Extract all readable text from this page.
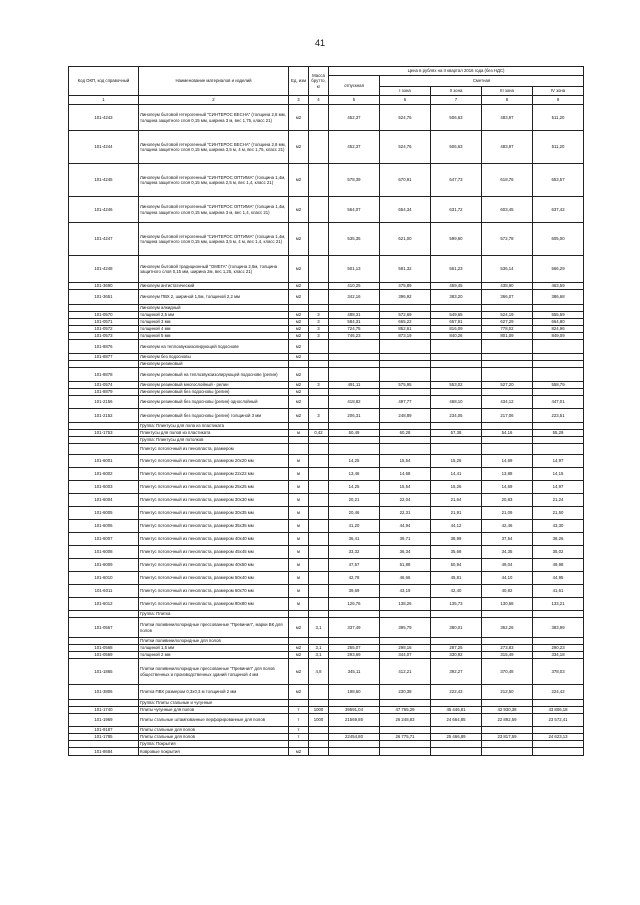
41
Код ОКП, код справочный	Наименование материалов и изделий	Ед. изм	Масса брутто, кг	Цена в рублях на II квартал 2016 года (без НДС)				
				отпускная	Сметная			
					I зона	II зона	III зона	IV зона
1	2	3	4	5	6	7	8	9
101-4243	Линолеум бытовой гетерогенный "СИНТЕРОС ВЕСНА" (толщина 2,8 мм, толщина защитного слоя 0,15 мм, ширина 3 м, вес 1,75, класс 21)	м2		452,37	524,76	506,63	483,97	511,20
101-4244	Линолеум бытовой гетерогенный "СИНТЕРОС ВЕСНА" (толщина 2,8 мм, толщина защитного слоя 0,15 мм, ширина 3,5 м, 4 м, вес 1,75, класс 21)	м2		452,37	524,76	506,63	483,97	511,20
101-4245	Линолеум бытовой гетерогенный "СИНТЕРОС ОПТИМА" (толщина 1,4м, толщина защитного слоя 0,15 мм, ширина 2,5 м, вес 1,4, класс 21)	м2		578,39	670,91	647,73	618,76	653,57
101-4246	Линолеум бытовой гетерогенный "СИНТЕРОС ОПТИМА" (толщина 1,4м, толщина защитного слоя 0,15 мм, ширина 3 м, вес 1,4, класс 21)	м2		564,07	654,34	631,72	603,45	637,42
101-4247	Линолеум бытовой гетерогенный "СИНТЕРОС ОПТИМА" (толщина 1,4м, толщина защитного слоя 0,15 мм, ширина 3,5 м, 4 м, вес 1,4, класс 21)	м2		535,35	621,00	599,60	572,78	605,00
101-4248	Линолеум бытовой традиционный "ОМЕГА" (толщина 2,8м, толщина защитного слоя 0,15 мм, ширина 2м, вес 1,25, класс 21)	м2		501,13	581,32	561,23	536,14	566,29
101-3690	Линолеум антистатический	м2		410,25	475,89	459,45	438,90	463,59
101-3651	Линолеум ПВХ 2, шириной 1,5м, толщиной 2,2 мм	м2		342,16	396,92	383,20	366,07	386,68
	Линолеум алкидный							
101-0570	толщиной 2,5 мм	м2	3	488,31	572,69	549,65	524,19	555,59
101-0571	толщиной 3 мм	м2	3	584,31	665,22	657,91	627,29	664,80
101-0572	толщиной 4 мм	м2	3	724,75	852,61	816,09	778,02	824,96
101-0573	толщиной 5 мм	м2	3	746,23	873,19	840,26	801,09	849,09
101-8876	Линолеум на теплозвукоизолирующей подоснове	м2						
101-8877	Линолеум без подосновы	м2						
	Линолеум резиновый							
101-8878	Линолеум резиновый на теплозвукоизолирующей подоснове (релин)	м2						
101-0574	Линолеум резиновый многослойный - релин	м2	3	491,11	575,95	553,02	527,20	558,79
101-8879	Линолеум резиновый без подосновы (релин)	м2						
101-2156	Линолеум резиновый без подосновы (релин) однослойный	м2		418,82	497,77	468,10	434,12	447,01
101-2152	Линолеум резиновый без подосновы (релин) толщиной 3 мм	м2	3	206,31	248,89	234,05	217,06	223,51
	Группа: Плинтусы для пола из пластиката							
101-1753	Плинтусы для полов из пластиката	м	0,42	50,49	60,28	57,38	54,16	55,29
	Группа: Плинтусы для потолков							
	Плинтус потолочный из пенопласта, размером							
101-6001	Плинтус потолочный из пенопласта, размером 20х20 мм	м		14,25	15,54	15,26	14,69	14,97
101-6002	Плинтус потолочный из пенопласта, размером 22х22 мм	м		13,46	14,68	14,41	13,88	14,15
101-6003	Плинтус потолочный из пенопласта, размером 25х25 мм	м		14,25	15,54	15,26	14,69	14,97
101-6004	Плинтус потолочный из пенопласта, размером 30х30 мм	м		20,21	22,04	21,64	20,83	21,24
101-6005	Плинтус потолочный из пенопласта, размером 30х35 мм	м		20,46	22,31	21,91	21,09	21,50
101-6006	Плинтус потолочный из пенопласта, размером 35х35 мм	м		41,20	44,94	44,12	42,46	43,30
101-6007	Плинтус потолочный из пенопласта, размером 40х40 мм	м		36,41	39,71	38,99	37,54	38,26
101-6008	Плинтус потолочный из пенопласта, размером 45х45 мм	м		33,32	36,34	35,68	34,35	35,02
101-6009	Плинтус потолочный из пенопласта, размером 40х50 мм	м		47,57	51,88	50,94	49,04	49,98
101-6010	Плинтус потолочный из пенопласта, размером 50х40 мм	м		42,78	46,66	45,81	44,10	44,95
101-6011	Плинтус потолочный из пенопласта, размером 60х70 мм	м		39,69	43,19	42,40	40,82	41,61
101-6012	Плинтус потолочный из пенопласта, размером 80х80 мм	м		126,76	138,26	135,73	130,68	133,21
	Группа: Плитка							
101-0567	Плитки поливинилхлоридные прессованные "Превинил", марки ВК для полов	м2	3,1	337,49	395,79	380,01	362,26	383,99
	Плитки поливинилхлоридные для полов							
101-0568	толщиной 1,5 мм	м2	3,1	255,07	298,16	287,25	273,83	290,23
101-0569	толщиной 2 мм	м2	3,1	293,69	344,07	330,92	315,49	334,18
101-1865	Плитки поливинилхлоридные прессованные "Превинил" для полов общественных и производственных зданий толщиной 4 мм	м2	4,8	345,11	412,21	392,27	370,48	378,03
101-3806	Плитка ПВХ размером 0,3х0,3 м толщиной 2 мм	м2		198,60	230,38	222,43	212,50	224,42
	Группа: Плиты стальные и чугунные							
101-1740	Плиты чугунные для полов	т	1000	39591,04	47 765,29	45 446,81	42 930,38	43 806,18
101-1969	Плиты стальные штампованные перфорированные для полов	т	1000	21569,85	26 248,83	24 664,85	22 892,59	23 572,41
101-9187	Плиты стальные для полов	т						
101-1785	Плиты стальные для полов	т		22454,80	26 775,71	25 466,89	23 817,59	24 623,13
	Группа: Покрытия							
101-8684	Ковровые покрытия	м2						
